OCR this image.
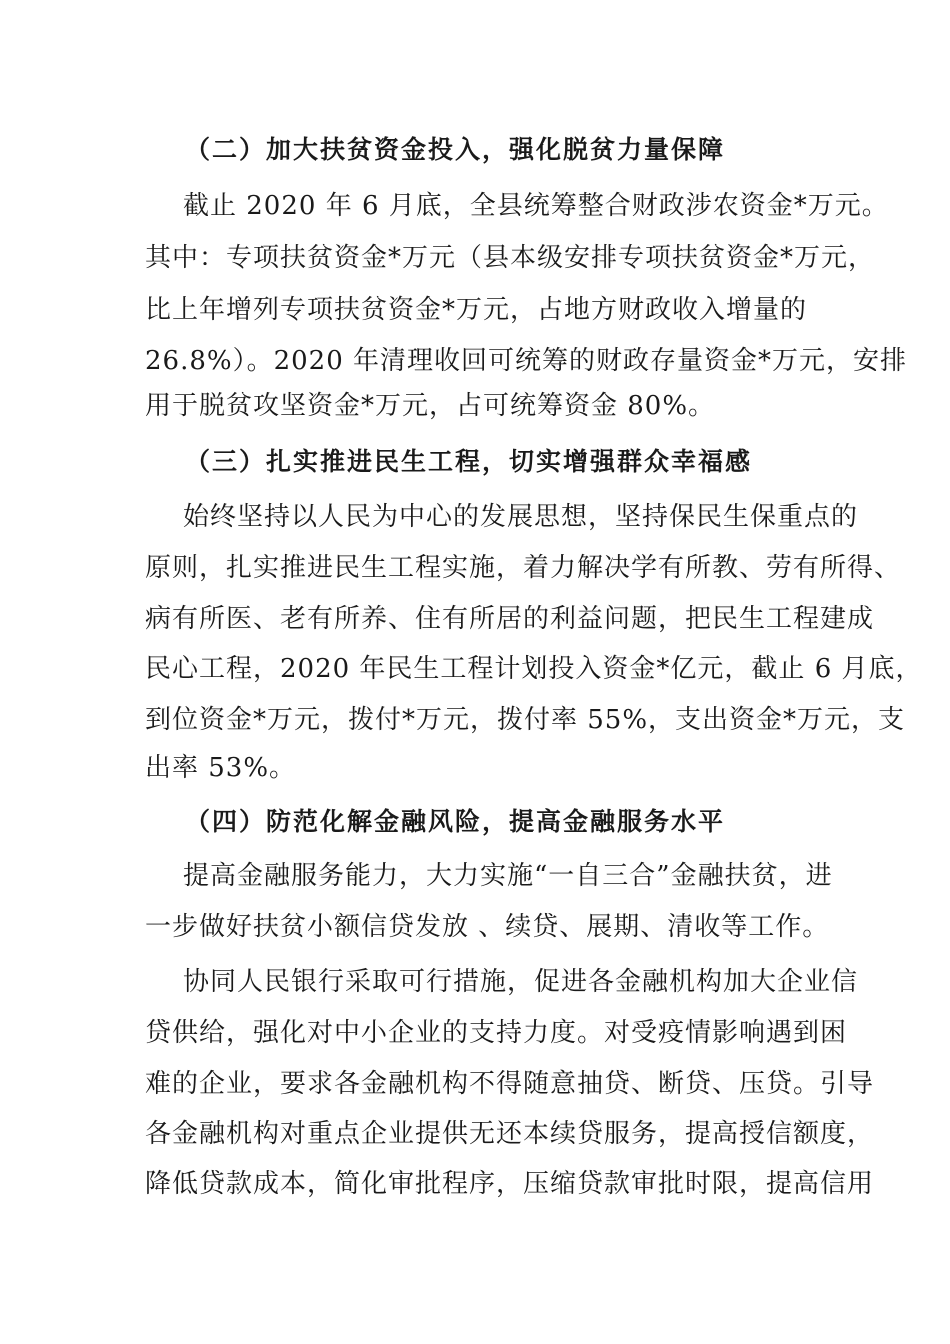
（二）加大扶贫资金投入，强化脱贫力量保障
截止 2020 年 6 月底，全县统筹整合财政涉农资金*万元。
其中：专项扶贫资金*万元（县本级安排专项扶贫资金*万元，
比上年增列专项扶贫资金*万元，占地方财政收入增量的
26.8%）。2020 年清理收回可统筹的财政存量资金*万元，安排
用于脱贫攻坚资金*万元，占可统筹资金 80%。
（三）扎实推进民生工程，切实增强群众幸福感
始终坚持以人民为中心的发展思想，坚持保民生保重点的
原则，扎实推进民生工程实施，着力解决学有所教、劳有所得、
病有所医、老有所养、住有所居的利益问题，把民生工程建成
民心工程，2020 年民生工程计划投入资金*亿元，截止 6 月底，
到位资金*万元，拨付*万元，拨付率 55%，支出资金*万元，支
出率 53%。
（四）防范化解金融风险，提高金融服务水平
提高金融服务能力，大力实施“一自三合”金融扶贫，进
一步做好扶贫小额信贷发放 、续贷、展期、清收等工作。
协同人民银行采取可行措施，促进各金融机构加大企业信
贷供给，强化对中小企业的支持力度。对受疫情影响遇到困
难的企业，要求各金融机构不得随意抽贷、断贷、压贷。引导
各金融机构对重点企业提供无还本续贷服务，提高授信额度，
降低贷款成本，简化审批程序，压缩贷款审批时限，提高信用
